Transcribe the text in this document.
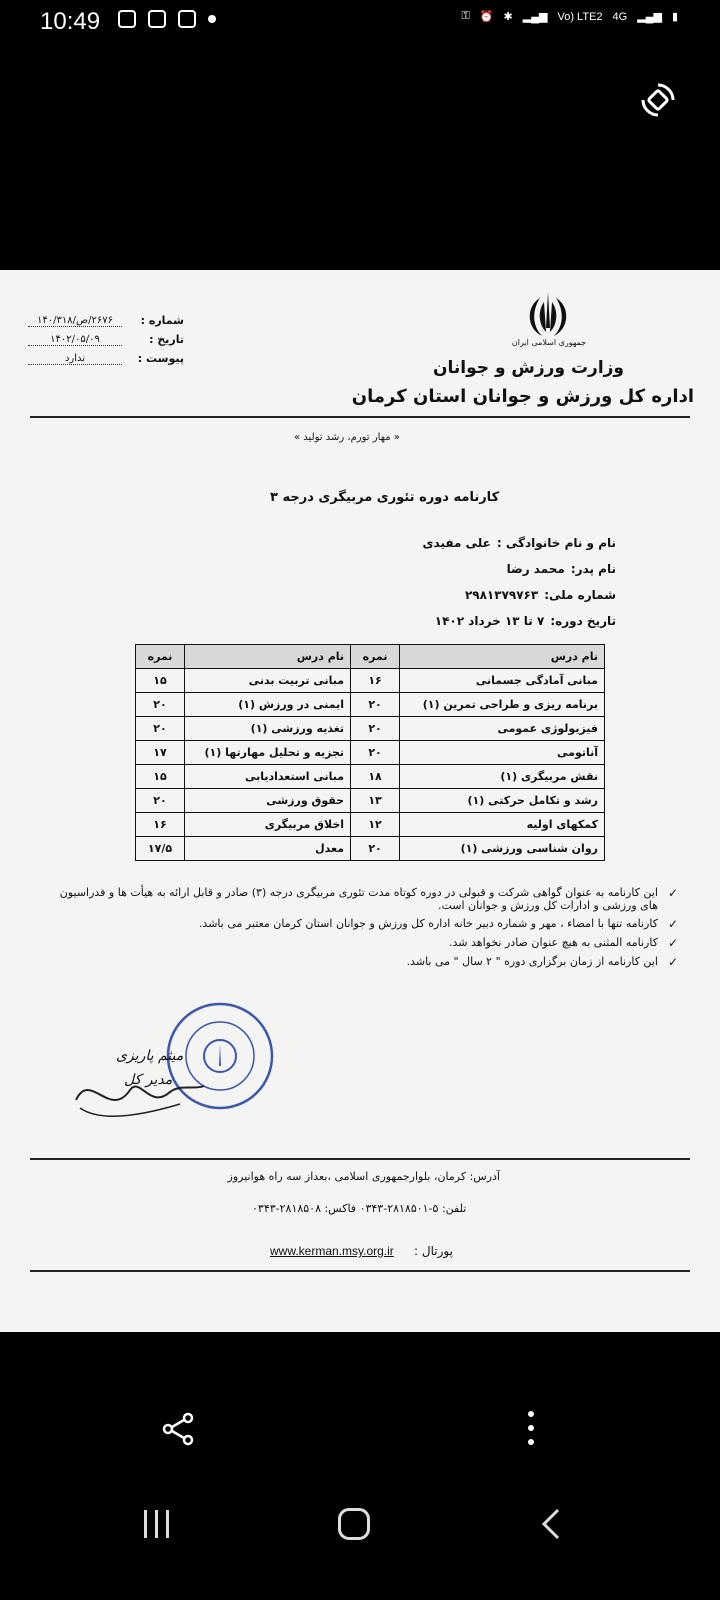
10:49	⚿ ⏰ ✱ ▂▄▆ Vo) LTE2 4G ▂▄▆ ▮
جمهوری اسلامی ایران
وزارت ورزش و جوانان
اداره کل ورزش و جوانان استان کرمان
شماره :
۲۶۷۶/ص/۱۴۰/۳۱۸
تاریخ :
۱۴۰۲/۰۵/۰۹
پیوست :
ندارد
« مهار تورم، رشد تولید »
کارنامه دوره تئوری مربیگری درجه ۳
نام و نام خانوادگی :علی مفیدی
نام پدر:محمد رضا
شماره ملی:۲۹۸۱۳۷۹۷۶۳
تاریخ دوره:۷ تا ۱۳ خرداد ۱۴۰۲
نام درس	نمره	نام درس	نمره
مبانی آمادگی جسمانی	۱۶	مبانی تربیت بدنی	۱۵
برنامه ریزی و طراحی تمرین (۱)	۲۰	ایمنی در ورزش (۱)	۲۰
فیزیولوژی عمومی	۲۰	تغذیه ورزشی (۱)	۲۰
آناتومی	۲۰	تجزیه و تحلیل مهارتها (۱)	۱۷
نقش مربیگری (۱)	۱۸	مبانی استعدادیابی	۱۵
رشد و تکامل حرکتی (۱)	۱۳	حقوق ورزشی	۲۰
کمکهای اولیه	۱۲	اخلاق مربیگری	۱۶
روان شناسی ورزشی (۱)	۲۰	معدل	۱۷/۵
✓
این کارنامه به عنوان گواهی شرکت و قبولی در دوره کوتاه مدت تئوری مربیگری درجه (۳) صادر و قابل ارائه به هیأت ها و فدراسیون های ورزشی و ادارات کل ورزش و جوانان است.
✓
کارنامه تنها با امضاء ، مهر و شماره دبیر خانه اداره کل ورزش و جوانان استان کرمان معتبر می باشد.
✓
کارنامه المثنی به هیچ عنوان صادر نخواهد شد.
✓
این کارنامه از زمان برگزاری دوره " ۲ سال " می باشد.
میثم پاریزی
مدیر کل
آدرس: کرمان، بلوارجمهوری اسلامی ،بعداز سه راه هوانیروز
تلفن: ۵-۲۸۱۸۵۰۱-۰۳۴۳ فاکس: ۲۸۱۸۵۰۸-۰۳۴۳
پورتال :
www.kerman.msy.org.ir
